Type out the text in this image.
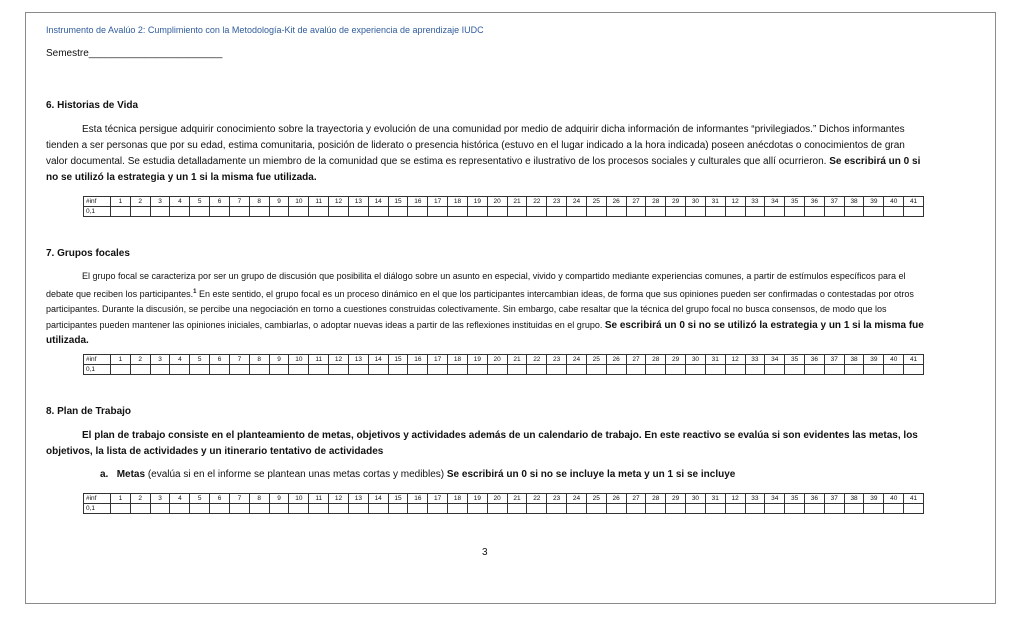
Instrumento de Avalúo 2: Cumplimiento con la Metodología-Kit de avalúo de experiencia de aprendizaje IUDC
Semestre________________________
6. Historias de Vida

Esta técnica persigue adquirir conocimiento sobre la trayectoria y evolución de una comunidad por medio de adquirir dicha información de informantes “privilegiados.” Dichos informantes tienden a ser personas que por su edad, estima comunitaria, posición de liderato o presencia histórica (estuvo en el lugar indicado a la hora indicada) poseen anécdotas o conocimientos de gran valor documental. Se estudia detalladamente un miembro de la comunidad que se estima es representativo e ilustrativo de los procesos sociales y culturales que allí ocurrieron. Se escribirá un 0 si no se utilizó la estrategia y un 1 si la misma fue utilizada.

#inf	1	2	3	4	5	6	7	8	9	10	11	12	13	14	15	16	17	18	19	20	21	22	23	24	25	26	27	28	29	30	31	12	33	34	35	36	37	38	39	40	41
0,1																																									
7. Grupos focales

El grupo focal se caracteriza por ser un grupo de discusión que posibilita el diálogo sobre un asunto en especial, vivido y compartido mediante experiencias comunes, a partir de estímulos específicos para el debate que reciben los participantes.$^1$ En este sentido, el grupo focal es un proceso dinámico en el que los participantes intercambian ideas, de forma que sus opiniones pueden ser confirmadas o contestadas por otros participantes. Durante la discusión, se percibe una negociación en torno a cuestiones construidas colectivamente. Sin embargo, cabe resaltar que la técnica del grupo focal no busca consensos, de modo que los participantes pueden mantener las opiniones iniciales, cambiarlas, o adoptar nuevas ideas a partir de las reflexiones instituidas en el grupo. Se escribirá un 0 si no se utilizó la estrategia y un 1 si la misma fue utilizada.

#inf	1	2	3	4	5	6	7	8	9	10	11	12	13	14	15	16	17	18	19	20	21	22	23	24	25	26	27	28	29	30	31	12	33	34	35	36	37	38	39	40	41
0,1																																									
8. Plan de Trabajo

El plan de trabajo consiste en el planteamiento de metas, objetivos y actividades además de un calendario de trabajo. En este reactivo se evalúa si son evidentes las metas, los objetivos, la lista de actividades y un itinerario tentativo de actividades

a. Metas (evalúa si en el informe se plantean unas metas cortas y medibles) Se escribirá un 0 si no se incluye la meta y un 1 si se incluye
#inf	1	2	3	4	5	6	7	8	9	10	11	12	13	14	15	16	17	18	19	20	21	22	23	24	25	26	27	28	29	30	31	12	33	34	35	36	37	38	39	40	41
0,1																																									
3
